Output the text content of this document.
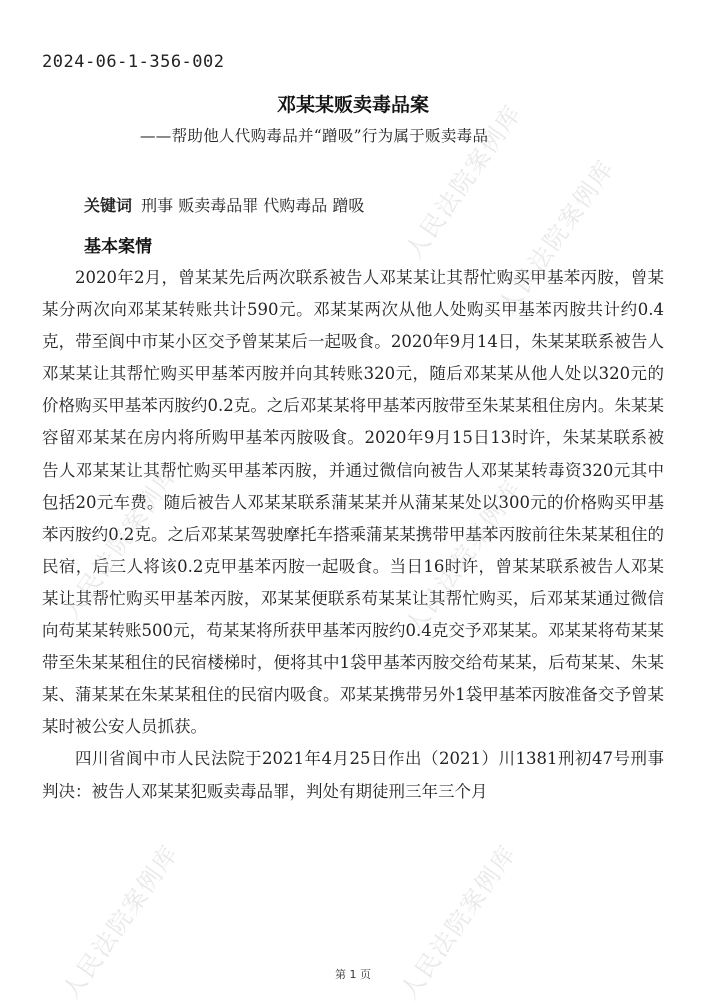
2024-06-1-356-002
邓某某贩卖毒品案
——帮助他人代购毒品并“蹭吸”行为属于贩卖毒品
关键词 刑事 贩卖毒品罪 代购毒品 蹭吸
基本案情

2020年2月，曾某某先后两次联系被告人邓某某让其帮忙购买甲基苯丙胺，曾某某分两次向邓某某转账共计590元。邓某某两次从他人处购买甲基苯丙胺共计约0.4克，带至阆中市某小区交予曾某某后一起吸食。2020年9月14日，朱某某联系被告人邓某某让其帮忙购买甲基苯丙胺并向其转账320元，随后邓某某从他人处以320元的价格购买甲基苯丙胺约0.2克。之后邓某某将甲基苯丙胺带至朱某某租住房内。朱某某容留邓某某在房内将所购甲基苯丙胺吸食。2020年9月15日13时许，朱某某联系被告人邓某某让其帮忙购买甲基苯丙胺，并通过微信向被告人邓某某转毒资320元其中包括20元车费。随后被告人邓某某联系蒲某某并从蒲某某处以300元的价格购买甲基苯丙胺约0.2克。之后邓某某驾驶摩托车搭乘蒲某某携带甲基苯丙胺前往朱某某租住的民宿，后三人将该0.2克甲基苯丙胺一起吸食。当日16时许，曾某某联系被告人邓某某让其帮忙购买甲基苯丙胺，邓某某便联系苟某某让其帮忙购买，后邓某某通过微信向苟某某转账500元，苟某某将所获甲基苯丙胺约0.4克交予邓某某。邓某某将苟某某带至朱某某租住的民宿楼梯时，便将其中1袋甲基苯丙胺交给苟某某，后苟某某、朱某某、蒲某某在朱某某租住的民宿内吸食。邓某某携带另外1袋甲基苯丙胺准备交予曾某某时被公安人员抓获。

四川省阆中市人民法院于2021年4月25日作出（2021）川1381刑初47号刑事判决：被告人邓某某犯贩卖毒品罪，判处有期徒刑三年三个月

人民法院案例库
人民法院案例库
人民法院案例库	人民法院案例库
人民法院案例库	人民法院案例库
第 1 页
